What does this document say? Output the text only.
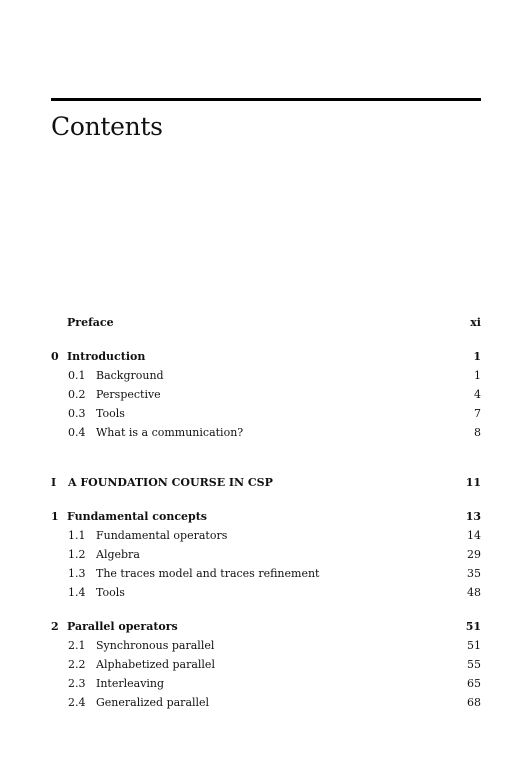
Contents
Preface	xi
0 Introduction	1
0.1 Background	1
0.2 Perspective	4
0.3 Tools	7
0.4 What is a communication?	8
I A FOUNDATION COURSE IN CSP	11
1 Fundamental concepts	13
1.1 Fundamental operators	14
1.2 Algebra	29
1.3 The traces model and traces refinement	35
1.4 Tools	48
2 Parallel operators	51
2.1 Synchronous parallel	51
2.2 Alphabetized parallel	55
2.3 Interleaving	65
2.4 Generalized parallel	68
